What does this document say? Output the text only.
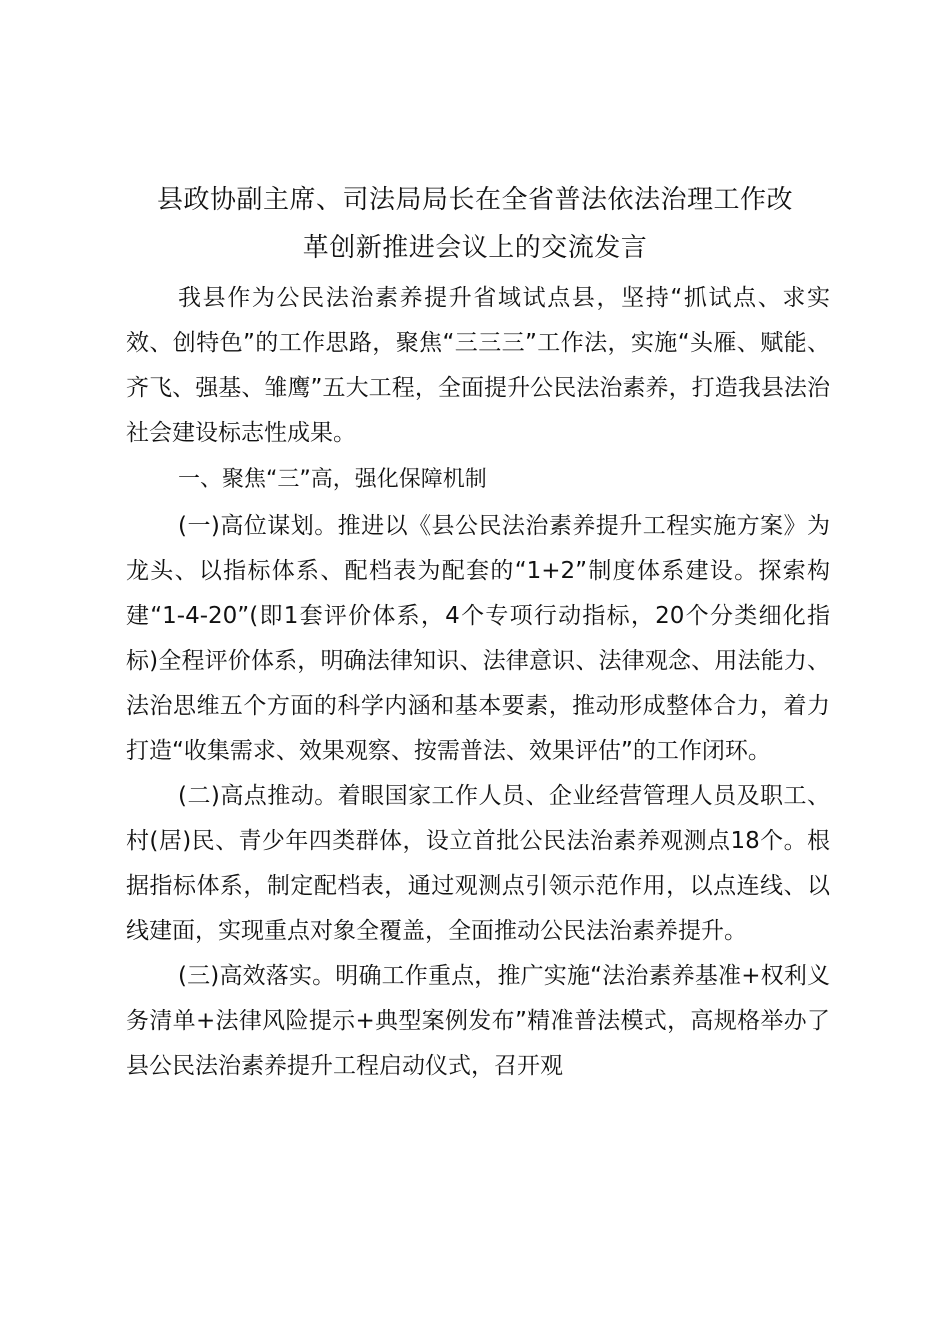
县政协副主席、司法局局长在全省普法依法治理工作改
革创新推进会议上的交流发言

我县作为公民法治素养提升省域试点县，坚持“抓试点、求实效、创特色”的工作思路，聚焦“三三三”工作法，实施“头雁、赋能、齐飞、强基、雏鹰”五大工程，全面提升公民法治素养，打造我县法治社会建设标志性成果。

一、聚焦“三”高，强化保障机制

(一)高位谋划。推进以《县公民法治素养提升工程实施方案》为龙头、以指标体系、配档表为配套的“1+2”制度体系建设。探索构建“1-4-20”(即1套评价体系，4个专项行动指标，20个分类细化指标)全程评价体系，明确法律知识、法律意识、法律观念、用法能力、法治思维五个方面的科学内涵和基本要素，推动形成整体合力，着力打造“收集需求、效果观察、按需普法、效果评估”的工作闭环。

(二)高点推动。着眼国家工作人员、企业经营管理人员及职工、村(居)民、青少年四类群体，设立首批公民法治素养观测点18个。根据指标体系，制定配档表，通过观测点引领示范作用，以点连线、以线建面，实现重点对象全覆盖，全面推动公民法治素养提升。

(三)高效落实。明确工作重点，推广实施“法治素养基准+权利义务清单+法律风险提示+典型案例发布”精准普法模式，高规格举办了县公民法治素养提升工程启动仪式，召开观
